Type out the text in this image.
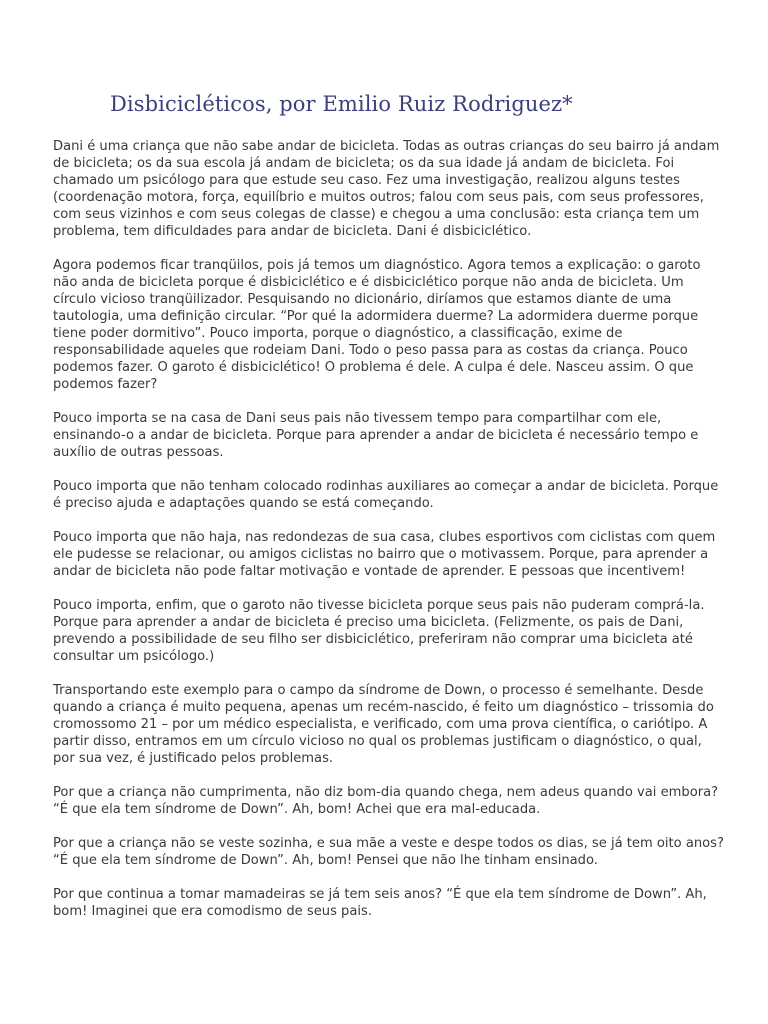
Disbicicléticos, por Emilio Ruiz Rodriguez*

Dani é uma criança que não sabe andar de bicicleta. Todas as outras crianças do seu bairro já andam de bicicleta; os da sua escola já andam de bicicleta; os da sua idade já andam de bicicleta. Foi chamado um psicólogo para que estude seu caso. Fez uma investigação, realizou alguns testes (coordenação motora, força, equilíbrio e muitos outros; falou com seus pais, com seus professores, com seus vizinhos e com seus colegas de classe) e chegou a uma conclusão: esta criança tem um problema, tem dificuldades para andar de bicicleta. Dani é disbiciclético.

Agora podemos ficar tranqüilos, pois já temos um diagnóstico. Agora temos a explicação: o garoto não anda de bicicleta porque é disbiciclético e é disbiciclético porque não anda de bicicleta. Um círculo vicioso tranqüilizador. Pesquisando no dicionário, diríamos que estamos diante de uma tautologia, uma definição circular. “Por qué la adormidera duerme? La adormidera duerme porque tiene poder dormitivo”. Pouco importa, porque o diagnóstico, a classificação, exime de responsabilidade aqueles que rodeiam Dani. Todo o peso passa para as costas da criança. Pouco podemos fazer. O garoto é disbiciclético! O problema é dele. A culpa é dele. Nasceu assim. O que podemos fazer?

Pouco importa se na casa de Dani seus pais não tivessem tempo para compartilhar com ele, ensinando-o a andar de bicicleta. Porque para aprender a andar de bicicleta é necessário tempo e auxílio de outras pessoas.

Pouco importa que não tenham colocado rodinhas auxiliares ao começar a andar de bicicleta. Porque é preciso ajuda e adaptações quando se está começando.

Pouco importa que não haja, nas redondezas de sua casa, clubes esportivos com ciclistas com quem ele pudesse se relacionar, ou amigos ciclistas no bairro que o motivassem. Porque, para aprender a andar de bicicleta não pode faltar motivação e vontade de aprender. E pessoas que incentivem!

Pouco importa, enfim, que o garoto não tivesse bicicleta porque seus pais não puderam comprá-la. Porque para aprender a andar de bicicleta é preciso uma bicicleta. (Felizmente, os pais de Dani, prevendo a possibilidade de seu filho ser disbiciclético, preferiram não comprar uma bicicleta até consultar um psicólogo.)

Transportando este exemplo para o campo da síndrome de Down, o processo é semelhante. Desde quando a criança é muito pequena, apenas um recém-nascido, é feito um diagnóstico – trissomia do cromossomo 21 – por um médico especialista, e verificado, com uma prova científica, o cariótipo. A partir disso, entramos em um círculo vicioso no qual os problemas justificam o diagnóstico, o qual, por sua vez, é justificado pelos problemas.

Por que a criança não cumprimenta, não diz bom-dia quando chega, nem adeus quando vai embora? “É que ela tem síndrome de Down”. Ah, bom! Achei que era mal-educada.

Por que a criança não se veste sozinha, e sua mãe a veste e despe todos os dias, se já tem oito anos? “É que ela tem síndrome de Down”. Ah, bom! Pensei que não lhe tinham ensinado.

Por que continua a tomar mamadeiras se já tem seis anos? “É que ela tem síndrome de Down”. Ah, bom! Imaginei que era comodismo de seus pais.
